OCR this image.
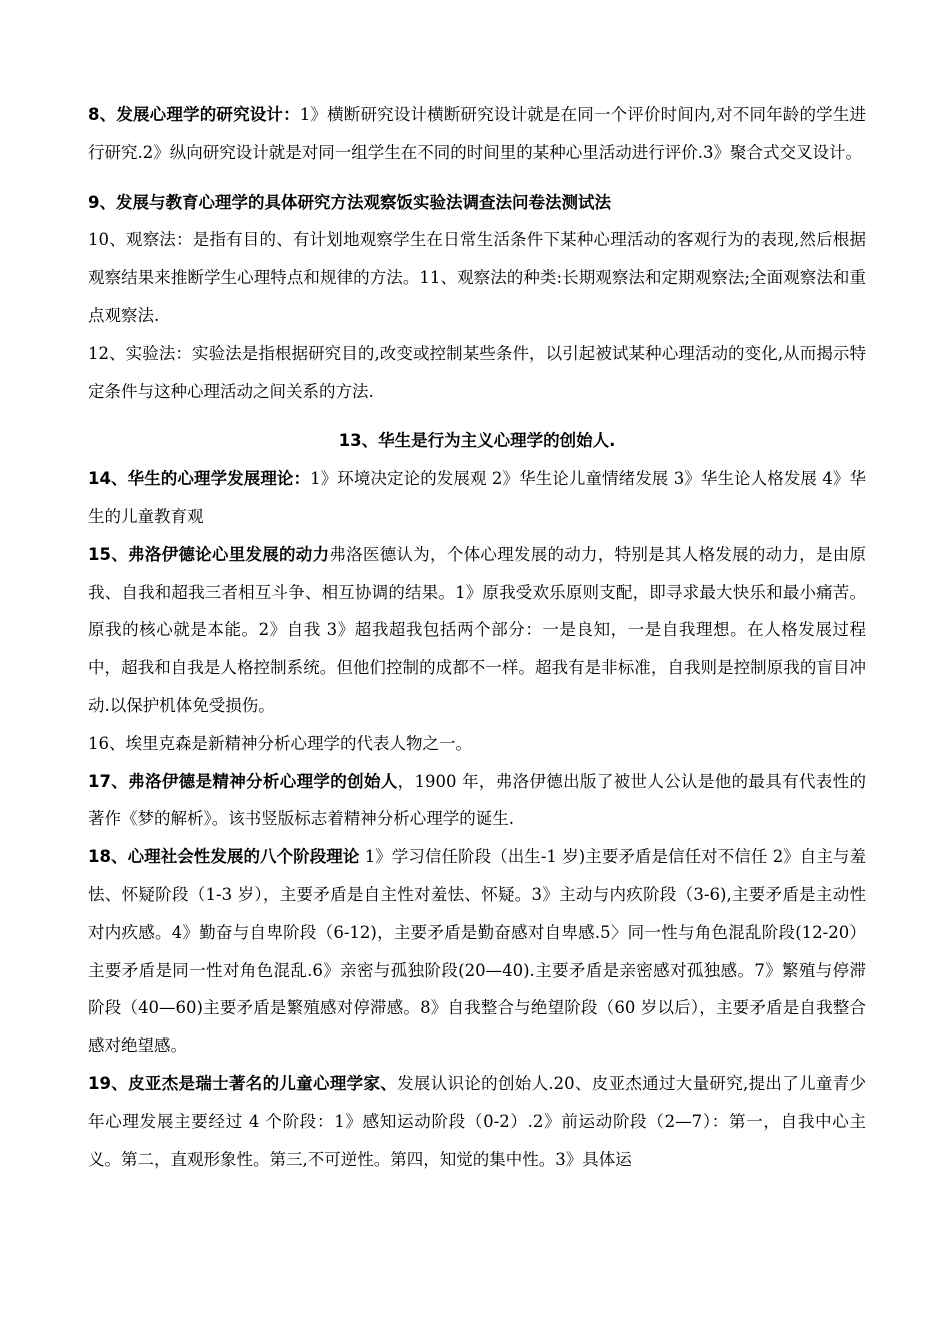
8、发展心理学的研究设计：1》横断研究设计横断研究设计就是在同一个评价时间内,对不同年龄的学生进行研究.2》纵向研究设计就是对同一组学生在不同的时间里的某种心里活动进行评价.3》聚合式交叉设计。

9、发展与教育心理学的具体研究方法观察饭实验法调查法问卷法测试法

10、观察法：是指有目的、有计划地观察学生在日常生活条件下某种心理活动的客观行为的表现,然后根据观察结果来推断学生心理特点和规律的方法。11、观察法的种类:长期观察法和定期观察法;全面观察法和重点观察法.

12、实验法：实验法是指根据研究目的,改变或控制某些条件，以引起被试某种心理活动的变化,从而揭示特定条件与这种心理活动之间关系的方法.

13、华生是行为主义心理学的创始人.

14、华生的心理学发展理论：1》环境决定论的发展观 2》华生论儿童情绪发展 3》华生论人格发展 4》华生的儿童教育观

15、弗洛伊德论心里发展的动力弗洛医德认为，个体心理发展的动力，特别是其人格发展的动力，是由原我、自我和超我三者相互斗争、相互协调的结果。1》原我受欢乐原则支配，即寻求最大快乐和最小痛苦。原我的核心就是本能。2》自我 3》超我超我包括两个部分：一是良知，一是自我理想。在人格发展过程中，超我和自我是人格控制系统。但他们控制的成都不一样。超我有是非标准，自我则是控制原我的盲目冲动.以保护机体免受损伤。

16、埃里克森是新精神分析心理学的代表人物之一。

17、弗洛伊德是精神分析心理学的创始人，1900 年，弗洛伊德出版了被世人公认是他的最具有代表性的著作《梦的解析》。该书竖版标志着精神分析心理学的诞生.

18、心理社会性发展的八个阶段理论 1》学习信任阶段（出生-1 岁)主要矛盾是信任对不信任 2》自主与羞怯、怀疑阶段（1-3 岁），主要矛盾是自主性对羞怯、怀疑。3》主动与内疚阶段（3-6),主要矛盾是主动性对内疚感。4》勤奋与自卑阶段（6-12)，主要矛盾是勤奋感对自卑感.5〉同一性与角色混乱阶段(12-20）主要矛盾是同一性对角色混乱.6》亲密与孤独阶段(20—40).主要矛盾是亲密感对孤独感。7》繁殖与停滞阶段（40—60)主要矛盾是繁殖感对停滞感。8》自我整合与绝望阶段（60 岁以后），主要矛盾是自我整合感对绝望感。

19、皮亚杰是瑞士著名的儿童心理学家、发展认识论的创始人.20、皮亚杰通过大量研究,提出了儿童青少年心理发展主要经过 4 个阶段：1》感知运动阶段（0-2）.2》前运动阶段（2—7）：第一，自我中心主义。第二，直观形象性。第三,不可逆性。第四，知觉的集中性。3》具体运
